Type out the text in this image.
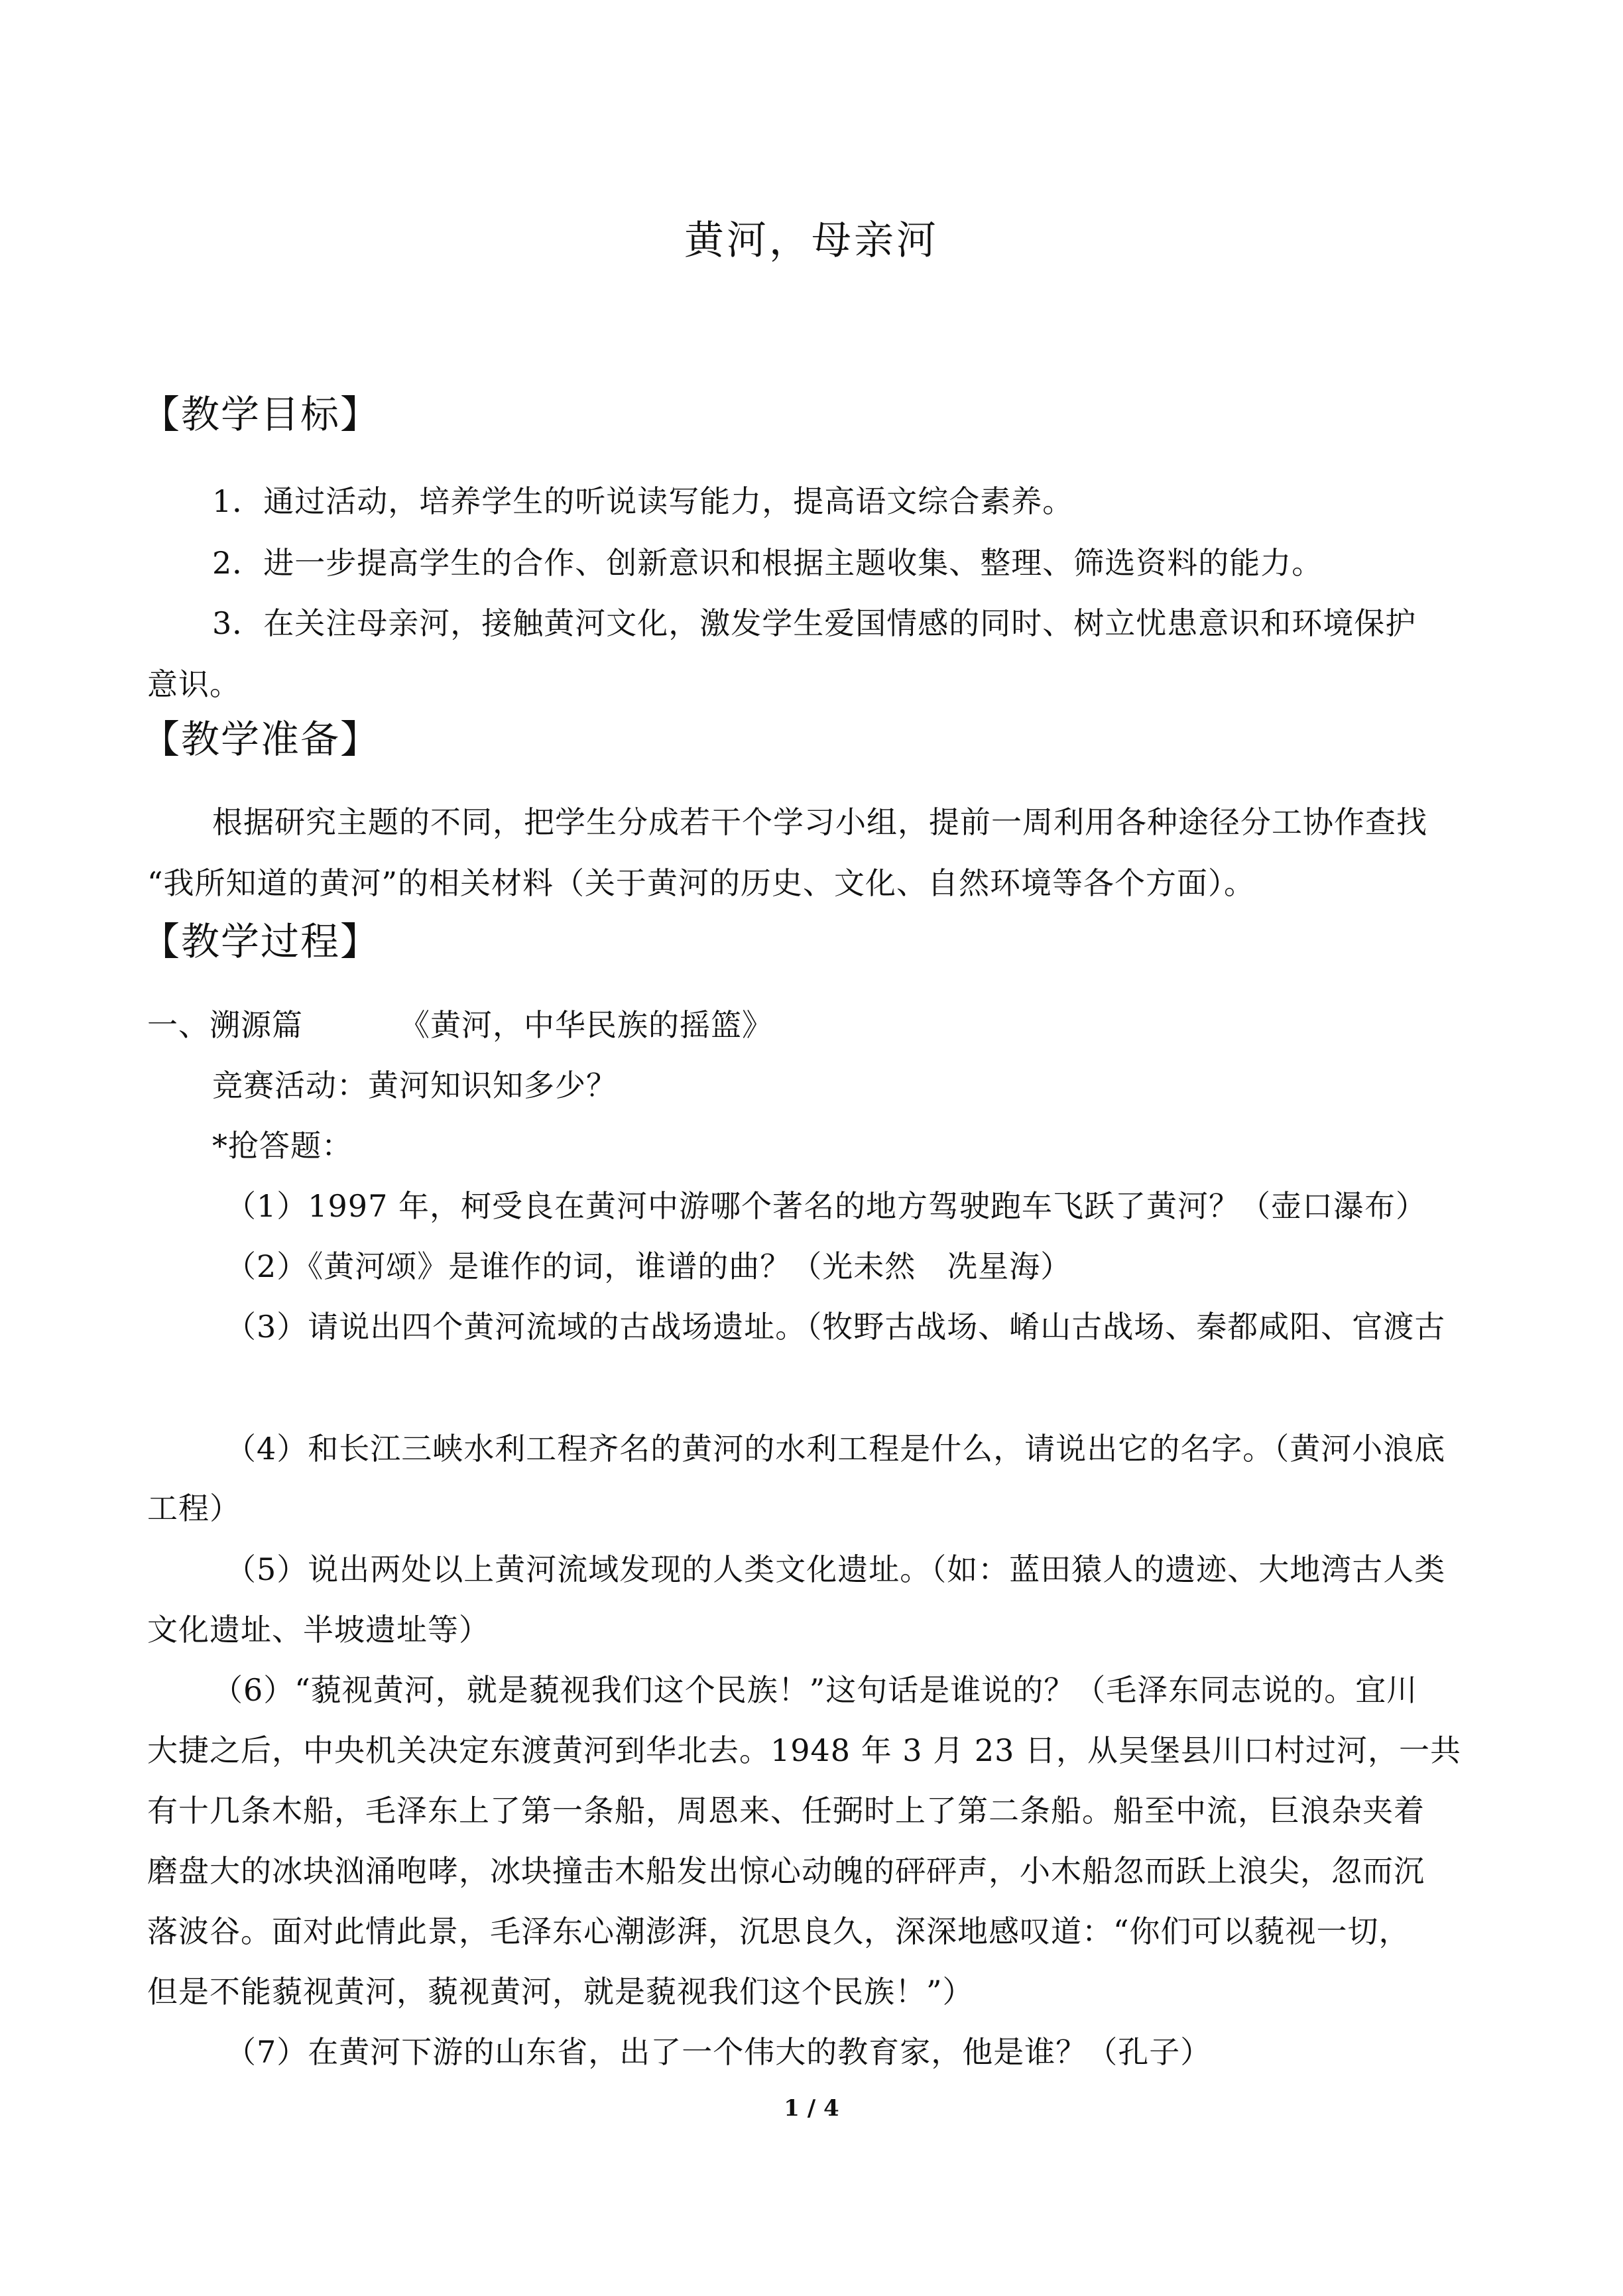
黄河，母亲河
【教学目标】
1．通过活动，培养学生的听说读写能力，提高语文综合素养。
2．进一步提高学生的合作、创新意识和根据主题收集、整理、筛选资料的能力。
3．在关注母亲河，接触黄河文化，激发学生爱国情感的同时、树立忧患意识和环境保护
意识。
【教学准备】
根据研究主题的不同，把学生分成若干个学习小组，提前一周利用各种途径分工协作查找
“我所知道的黄河”的相关材料（关于黄河的历史、文化、自然环境等各个方面）。
【教学过程】
一、溯源篇	《黄河，中华民族的摇篮》
竞赛活动：黄河知识知多少？
*抢答题：
（1）1997 年，柯受良在黄河中游哪个著名的地方驾驶跑车飞跃了黄河？（壶口瀑布）
（2）《黄河颂》是谁作的词，谁谱的曲？（光未然　冼星海）
（3）请说出四个黄河流域的古战场遗址。（牧野古战场、崤山古战场、秦都咸阳、官渡古
（4）和长江三峡水利工程齐名的黄河的水利工程是什么，请说出它的名字。（黄河小浪底
工程）
（5）说出两处以上黄河流域发现的人类文化遗址。（如：蓝田猿人的遗迹、大地湾古人类
文化遗址、半坡遗址等）
（6）“藐视黄河，就是藐视我们这个民族！”这句话是谁说的？（毛泽东同志说的。宜川
大捷之后，中央机关决定东渡黄河到华北去。1948 年 3 月 23 日，从吴堡县川口村过河，一共
有十几条木船，毛泽东上了第一条船，周恩来、任弼时上了第二条船。船至中流，巨浪杂夹着
磨盘大的冰块汹涌咆哮，冰块撞击木船发出惊心动魄的砰砰声，小木船忽而跃上浪尖，忽而沉
落波谷。面对此情此景，毛泽东心潮澎湃，沉思良久，深深地感叹道：“你们可以藐视一切，
但是不能藐视黄河，藐视黄河，就是藐视我们这个民族！”）
（7）在黄河下游的山东省，出了一个伟大的教育家，他是谁？（孔子）
1 / 4
